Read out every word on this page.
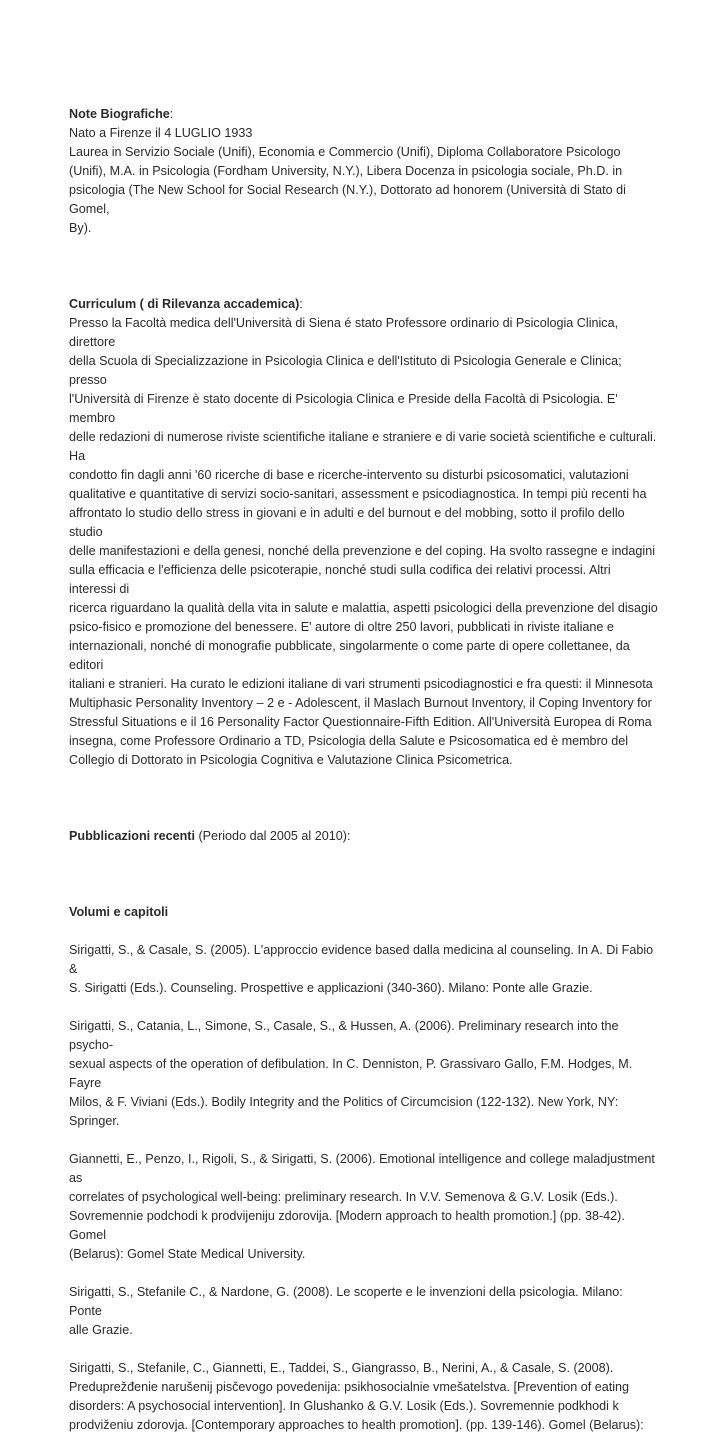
Note Biografiche:
Nato a Firenze il 4 LUGLIO 1933
Laurea in Servizio Sociale (Unifi), Economia e Commercio (Unifi), Diploma Collaboratore Psicologo
(Unifi), M.A. in Psicologia (Fordham University, N.Y.), Libera Docenza in psicologia sociale, Ph.D. in
psicologia (The New School for Social Research (N.Y.), Dottorato ad honorem (Università di Stato di Gomel,
By).

Curriculum ( di Rilevanza accademica):
Presso la Facoltà medica dell'Università di Siena é stato Professore ordinario di Psicologia Clinica, direttore
della Scuola di Specializzazione in Psicologia Clinica e dell'Istituto di Psicologia Generale e Clinica; presso
l'Università di Firenze è stato docente di Psicologia Clinica e Preside della Facoltà di Psicologia. E' membro
delle redazioni di numerose riviste scientifiche italiane e straniere e di varie società scientifiche e culturali. Ha
condotto fin dagli anni '60 ricerche di base e ricerche-intervento su disturbi psicosomatici, valutazioni
qualitative e quantitative di servizi socio-sanitari, assessment e psicodiagnostica. In tempi più recenti ha
affrontato lo studio dello stress in giovani e in adulti e del burnout e del mobbing, sotto il profilo dello studio
delle manifestazioni e della genesi, nonché della prevenzione e del coping. Ha svolto rassegne e indagini
sulla efficacia e l'efficienza delle psicoterapie, nonché studi sulla codifica dei relativi processi. Altri interessi di
ricerca riguardano la qualità della vita in salute e malattia, aspetti psicologici della prevenzione del disagio
psico-fisico e promozione del benessere. E' autore di oltre 250 lavori, pubblicati in riviste italiane e
internazionali, nonché di monografie pubblicate, singolarmente o come parte di opere collettanee, da editori
italiani e stranieri. Ha curato le edizioni italiane di vari strumenti psicodiagnostici e fra questi: il Minnesota
Multiphasic Personality Inventory – 2 e - Adolescent, il Maslach Burnout Inventory, il Coping Inventory for
Stressful Situations e il 16 Personality Factor Questionnaire-Fifth Edition. All'Università Europea di Roma
insegna, come Professore Ordinario a TD, Psicologia della Salute e Psicosomatica ed è membro del
Collegio di Dottorato in Psicologia Cognitiva e Valutazione Clinica Psicometrica.

Pubblicazioni recenti (Periodo dal 2005 al 2010):

Volumi e capitoli

Sirigatti, S., & Casale, S. (2005). L'approccio evidence based dalla medicina al counseling. In A. Di Fabio &
S. Sirigatti (Eds.). Counseling. Prospettive e applicazioni (340-360). Milano: Ponte alle Grazie.

Sirigatti, S., Catania, L., Simone, S., Casale, S., & Hussen, A. (2006). Preliminary research into the psycho-
sexual aspects of the operation of defibulation. In C. Denniston, P. Grassivaro Gallo, F.M. Hodges, M. Fayre
Milos, & F. Viviani (Eds.). Bodily Integrity and the Politics of Circumcision (122-132). New York, NY:
Springer.

Giannetti, E., Penzo, I., Rigoli, S., & Sirigatti, S. (2006). Emotional intelligence and college maladjustment as
correlates of psychological well-being: preliminary research. In V.V. Semenova & G.V. Losik (Eds.).
Sovremennie podchodi k prodvijeniju zdorovija. [Modern approach to health promotion.] (pp. 38-42). Gomel
(Belarus): Gomel State Medical University.

Sirigatti, S., Stefanile C., & Nardone, G. (2008). Le scoperte e le invenzioni della psicologia. Milano: Ponte
alle Grazie.

Sirigatti, S., Stefanile, C., Giannetti, E., Taddei, S., Giangrasso, B., Nerini, A., & Casale, S. (2008).
Preduprežđenie narušenij pisčevogo povedenija: psikhosocialnie vmešatelstva. [Prevention of eating
disorders: A psychosocial intervention]. In Glushanko & G.V. Losik (Eds.). Sovremennie podkhodi k
prodviženiu zdorovja. [Contemporary approaches to health promotion]. (pp. 139-146). Gomel (Belarus):
